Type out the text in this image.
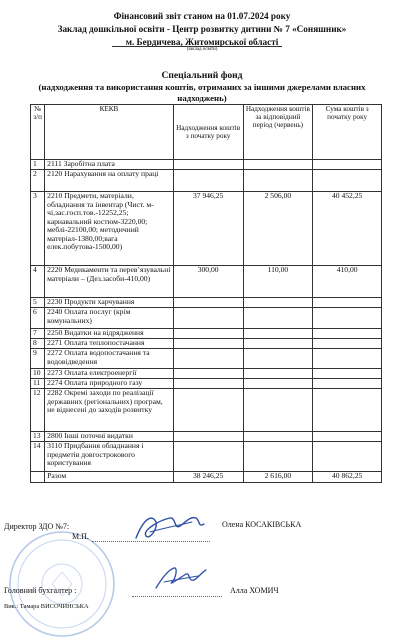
Фінансовий звіт станом на 01.07.2024 року
Заклад дошкільної освіти - Центр розвитку дитини № 7 «Соняшник»
м. Бердичева, Житомирської області
(заклад освіти)
Спеціальний фонд
(надходження та використання коштів, отриманих за іншими джерелами власних
надходжень)
№ з/п	КЕКВ	Надходження коштів з початку року	Надходження коштів за відповідний період (червень)	Сума коштів з початку року
1	2111 Заробітна плата			
2	2120 Нарахування на оплату праці			
3	2210 Предмети, матеріали, обладнання та інвентар (Чист. м-чі,зас.госп.тов.-12252,25; карнавальний костюм-3220,00; меблі-22100,00; методичний матеріал-1380,00;вага елек.побутова-1500,00)	37 946,25	2 506,00	40 452,25
4	2220 Медикаменти та перев’язувальні матеріали – (Дез.засоби-410,00)	300,00	110,00	410,00
5	2230 Продукти харчування			
6	2240 Оплата послуг (крім комунальних)			
7	2250 Видатки на відрядження			
8	2271 Оплата теплопостачання			
9	2272 Оплата водопостачання та водовідведення			
10	2273 Оплата електроенергії			
11	2274 Оплата природного газу			
12	2282 Окремі заходи по реалізації державних (регіональних) програм, не віднесені до заходів розвитку			
13	2800 Інші поточні видатки			
14	3110 Придбання обладнання і предметів довгострокового користування			
	Разом	38 246,25	2 616,00	40 862,25
Директор ЗДО №7:
М.П.
Олена КОСАКІВСЬКА
Головний бухгалтер :	Алла ХОМИЧ
Вик.: Тамара ВИСОЧИНСЬКА
